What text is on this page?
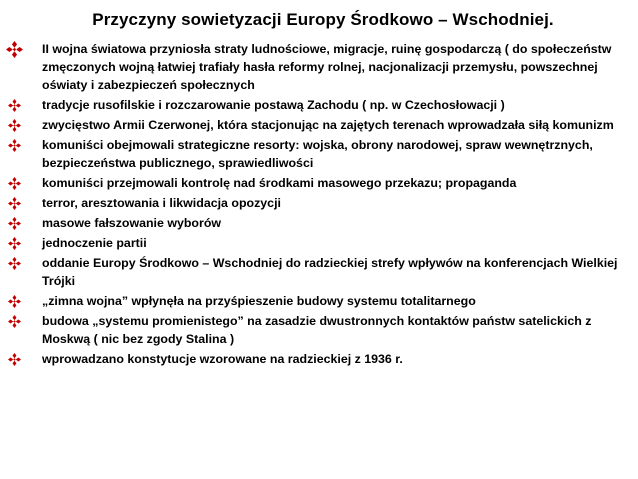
Przyczyny sowietyzacji Europy Środkowo – Wschodniej.
II wojna światowa przyniosła straty ludnościowe, migracje, ruinę gospodarczą ( do społeczeństw zmęczonych wojną łatwiej trafiały hasła reformy rolnej, nacjonalizacji przemysłu, powszechnej oświaty i zabezpieczeń społecznych
tradycje rusofilskie i rozczarowanie postawą Zachodu ( np. w Czechosłowacji )
zwycięstwo Armii Czerwonej, która stacjonując na zajętych terenach wprowadzała siłą komunizm
komuniści obejmowali strategiczne resorty: wojska, obrony narodowej, spraw wewnętrznych, bezpieczeństwa publicznego, sprawiedliwości
komuniści przejmowali kontrolę nad środkami masowego przekazu; propaganda
terror, aresztowania i likwidacja opozycji
masowe fałszowanie wyborów
jednoczenie partii
oddanie Europy Środkowo – Wschodniej do radzieckiej strefy wpływów na konferencjach Wielkiej Trójki
„zimna wojna” wpłynęła na przyśpieszenie budowy systemu totalitarnego
budowa „systemu promienistego” na zasadzie dwustronnych kontaktów państw satelickich z Moskwą ( nic bez zgody Stalina )
wprowadzano konstytucje wzorowane na radzieckiej z 1936 r.
